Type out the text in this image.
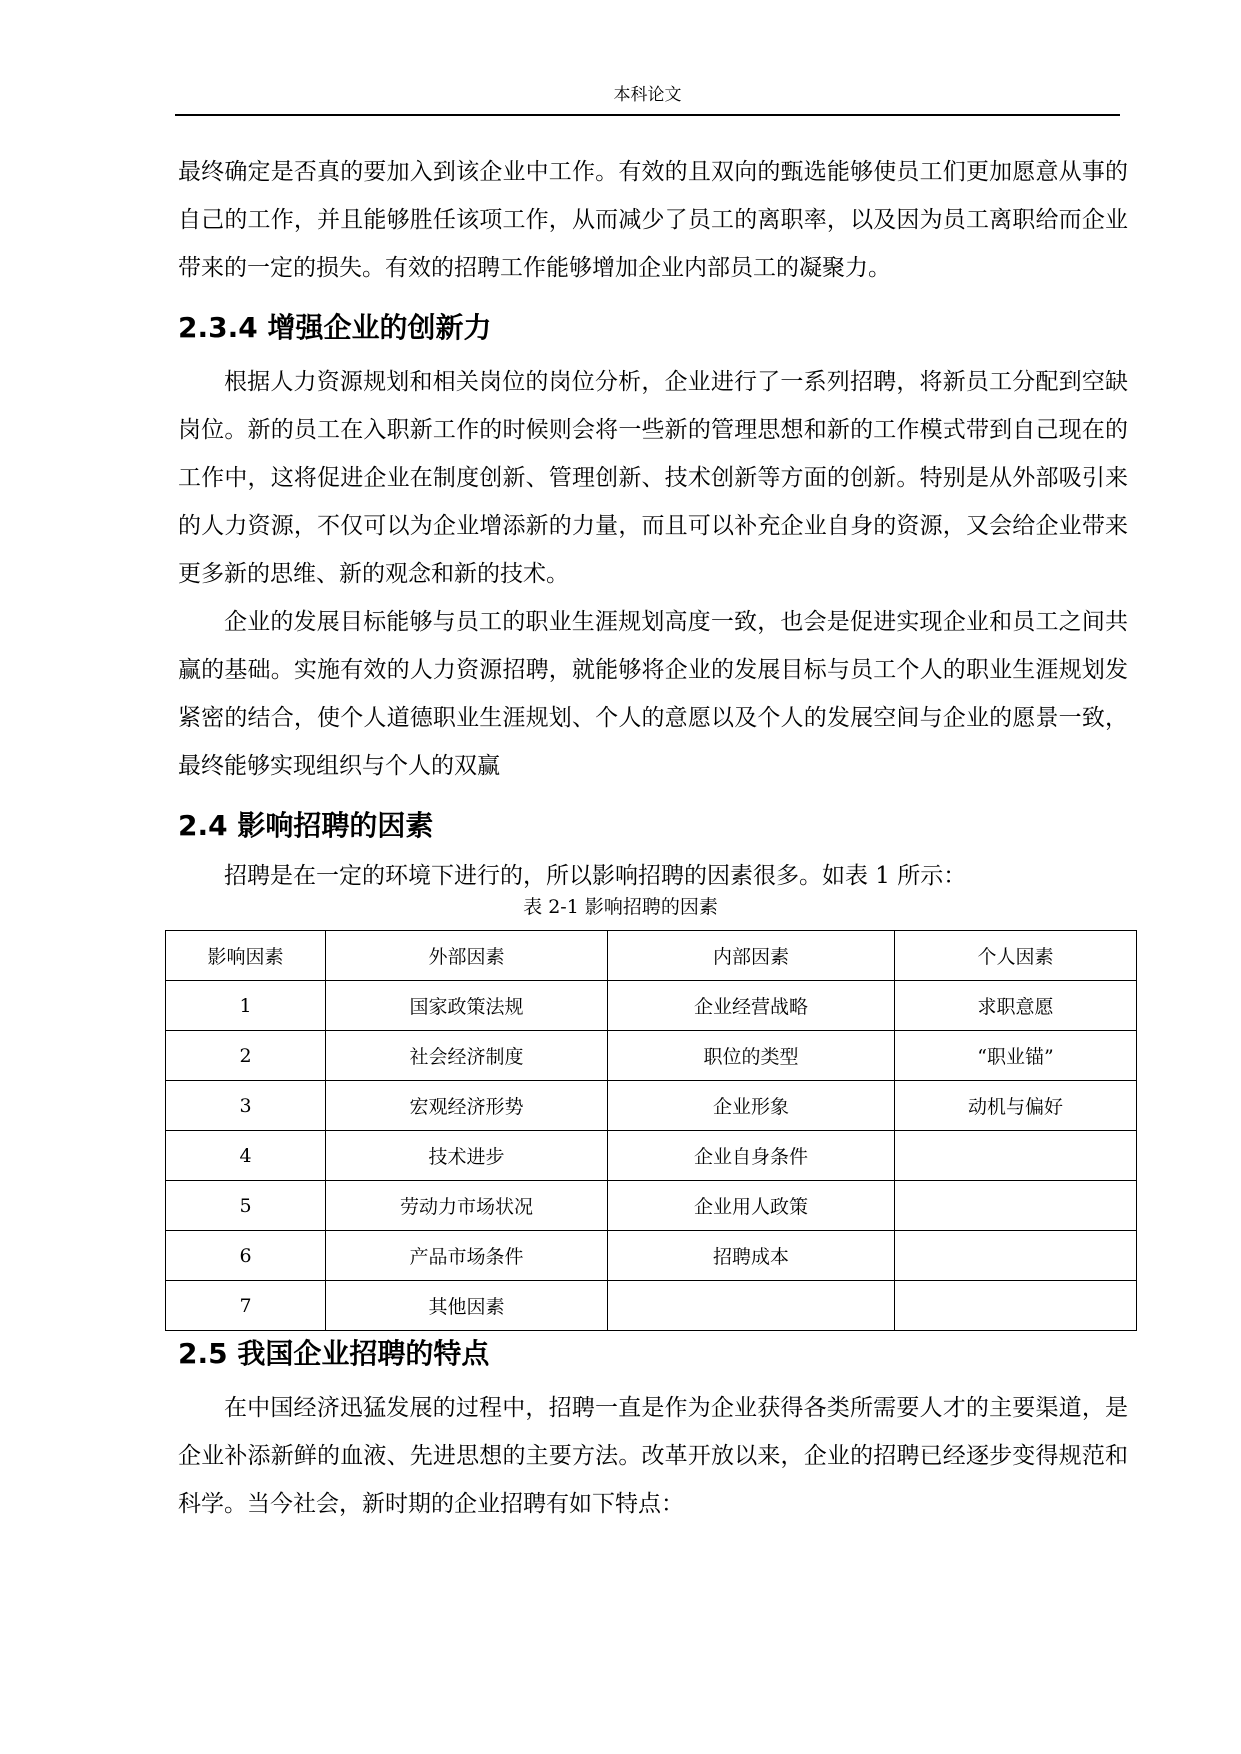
本科论文

最终确定是否真的要加入到该企业中工作。有效的且双向的甄选能够使员工们更加愿意从事的自己的工作，并且能够胜任该项工作，从而减少了员工的离职率，以及因为员工离职给而企业带来的一定的损失。有效的招聘工作能够增加企业内部员工的凝聚力。

2.3.4 增强企业的创新力

根据人力资源规划和相关岗位的岗位分析，企业进行了一系列招聘，将新员工分配到空缺岗位。新的员工在入职新工作的时候则会将一些新的管理思想和新的工作模式带到自己现在的工作中，这将促进企业在制度创新、管理创新、技术创新等方面的创新。特别是从外部吸引来的人力资源，不仅可以为企业增添新的力量，而且可以补充企业自身的资源，又会给企业带来更多新的思维、新的观念和新的技术。

企业的发展目标能够与员工的职业生涯规划高度一致，也会是促进实现企业和员工之间共赢的基础。实施有效的人力资源招聘，就能够将企业的发展目标与员工个人的职业生涯规划发紧密的结合，使个人道德职业生涯规划、个人的意愿以及个人的发展空间与企业的愿景一致，最终能够实现组织与个人的双赢

2.4 影响招聘的因素

招聘是在一定的环境下进行的，所以影响招聘的因素很多。如表 1 所示：

表 2-1 影响招聘的因素
影响因素	外部因素	内部因素	个人因素
1	国家政策法规	企业经营战略	求职意愿
2	社会经济制度	职位的类型	“职业锚”
3	宏观经济形势	企业形象	动机与偏好
4	技术进步	企业自身条件	
5	劳动力市场状况	企业用人政策	
6	产品市场条件	招聘成本	
7	其他因素		
2.5 我国企业招聘的特点

在中国经济迅猛发展的过程中，招聘一直是作为企业获得各类所需要人才的主要渠道，是企业补添新鲜的血液、先进思想的主要方法。改革开放以来，企业的招聘已经逐步变得规范和科学。当今社会，新时期的企业招聘有如下特点：
